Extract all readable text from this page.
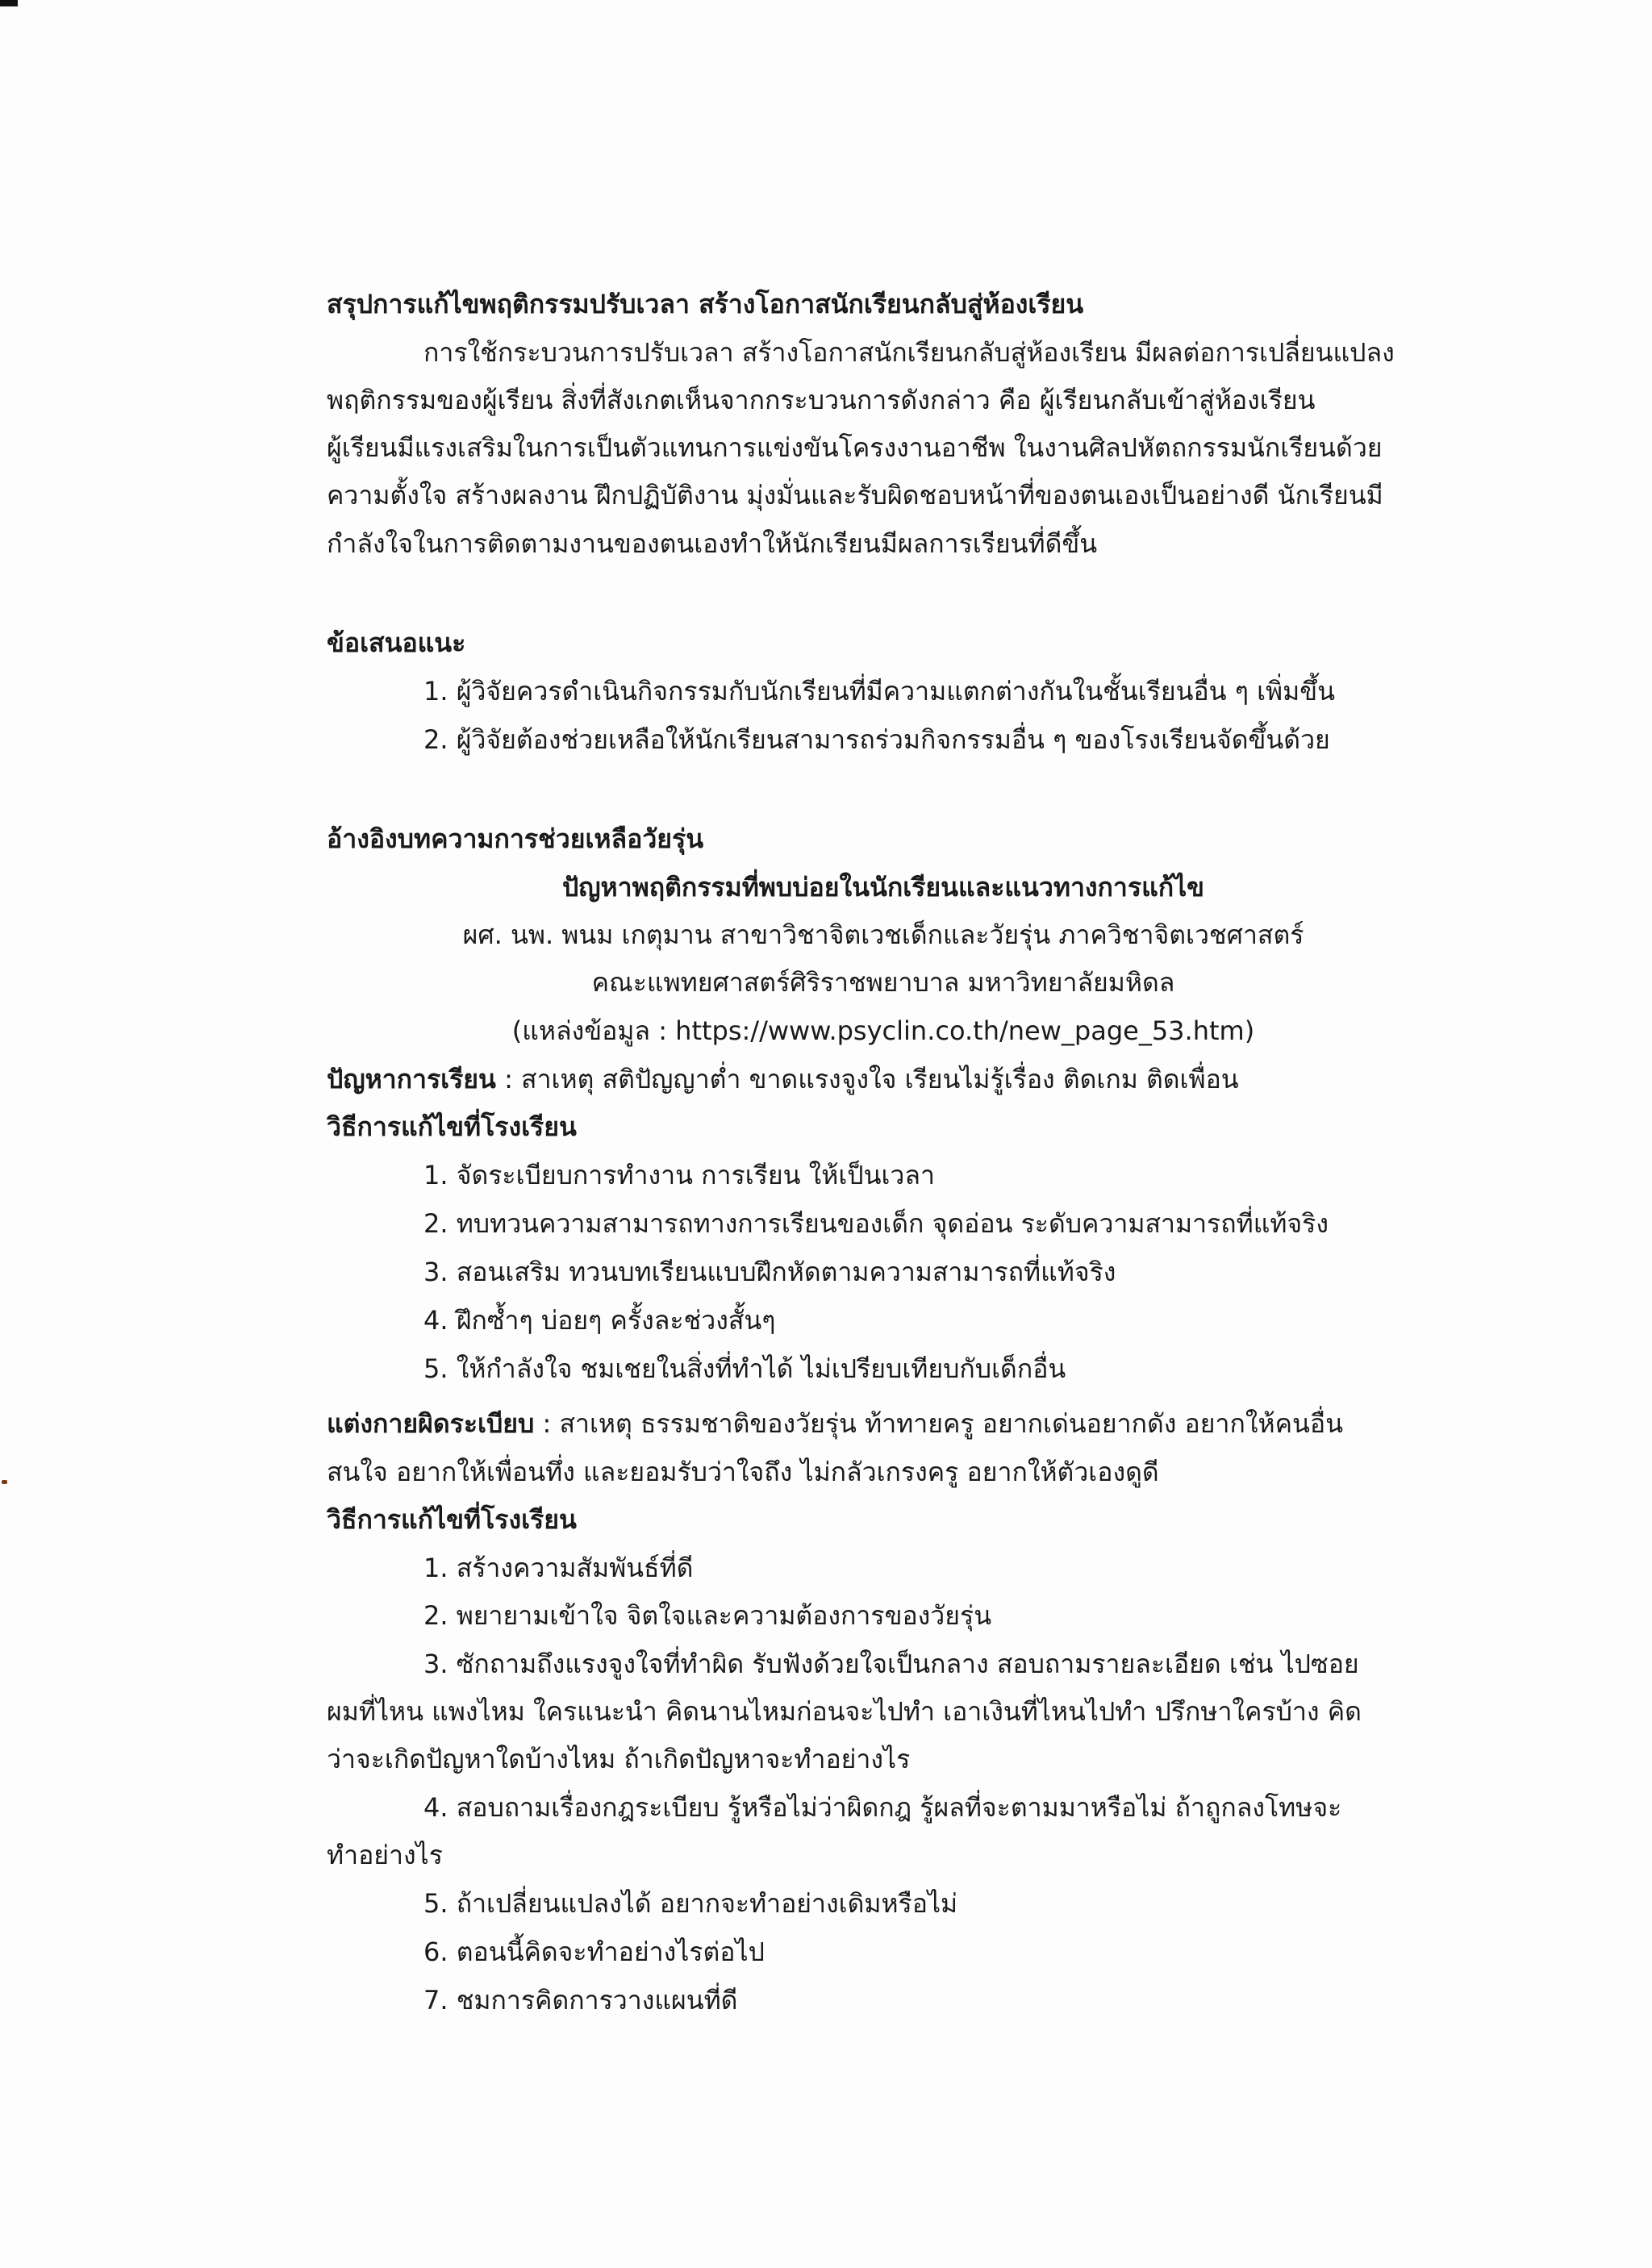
สรุปการแก้ไขพฤติกรรมปรับเวลา สร้างโอกาสนักเรียนกลับสู่ห้องเรียน
การใช้กระบวนการปรับเวลา สร้างโอกาสนักเรียนกลับสู่ห้องเรียน มีผลต่อการเปลี่ยนแปลง
พฤติกรรมของผู้เรียน สิ่งที่สังเกตเห็นจากกระบวนการดังกล่าว คือ ผู้เรียนกลับเข้าสู่ห้องเรียน
ผู้เรียนมีแรงเสริมในการเป็นตัวแทนการแข่งขันโครงงานอาชีพ ในงานศิลปหัตถกรรมนักเรียนด้วย
ความตั้งใจ สร้างผลงาน ฝึกปฏิบัติงาน มุ่งมั่นและรับผิดชอบหน้าที่ของตนเองเป็นอย่างดี นักเรียนมี
กำลังใจในการติดตามงานของตนเองทำให้นักเรียนมีผลการเรียนที่ดีขึ้น
ข้อเสนอแนะ
1. ผู้วิจัยควรดำเนินกิจกรรมกับนักเรียนที่มีความแตกต่างกันในชั้นเรียนอื่น ๆ เพิ่มขึ้น
2. ผู้วิจัยต้องช่วยเหลือให้นักเรียนสามารถร่วมกิจกรรมอื่น ๆ ของโรงเรียนจัดขึ้นด้วย
อ้างอิงบทความการช่วยเหลือวัยรุ่น
ปัญหาพฤติกรรมที่พบบ่อยในนักเรียนและแนวทางการแก้ไข
ผศ. นพ. พนม เกตุมาน สาขาวิชาจิตเวชเด็กและวัยรุ่น ภาควิชาจิตเวชศาสตร์
คณะแพทยศาสตร์ศิริราชพยาบาล มหาวิทยาลัยมหิดล
(แหล่งข้อมูล : https://www.psyclin.co.th/new_page_53.htm)
ปัญหาการเรียน : สาเหตุ สติปัญญาต่ำ ขาดแรงจูงใจ เรียนไม่รู้เรื่อง ติดเกม ติดเพื่อน
วิธีการแก้ไขที่โรงเรียน
1. จัดระเบียบการทำงาน การเรียน ให้เป็นเวลา
2. ทบทวนความสามารถทางการเรียนของเด็ก จุดอ่อน ระดับความสามารถที่แท้จริง
3. สอนเสริม ทวนบทเรียนแบบฝึกหัดตามความสามารถที่แท้จริง
4. ฝึกซ้ำๆ บ่อยๆ ครั้งละช่วงสั้นๆ
5. ให้กำลังใจ ชมเชยในสิ่งที่ทำได้ ไม่เปรียบเทียบกับเด็กอื่น
แต่งกายผิดระเบียบ : สาเหตุ ธรรมชาติของวัยรุ่น ท้าทายครู อยากเด่นอยากดัง อยากให้คนอื่น
สนใจ อยากให้เพื่อนทึ่ง และยอมรับว่าใจถึง ไม่กลัวเกรงครู อยากให้ตัวเองดูดี
วิธีการแก้ไขที่โรงเรียน
1. สร้างความสัมพันธ์ที่ดี
2. พยายามเข้าใจ จิตใจและความต้องการของวัยรุ่น
3. ซักถามถึงแรงจูงใจที่ทำผิด รับฟังด้วยใจเป็นกลาง สอบถามรายละเอียด เช่น ไปซอย
ผมที่ไหน แพงไหม ใครแนะนำ คิดนานไหมก่อนจะไปทำ เอาเงินที่ไหนไปทำ ปรึกษาใครบ้าง คิด
ว่าจะเกิดปัญหาใดบ้างไหม ถ้าเกิดปัญหาจะทำอย่างไร
4. สอบถามเรื่องกฎระเบียบ รู้หรือไม่ว่าผิดกฎ รู้ผลที่จะตามมาหรือไม่ ถ้าถูกลงโทษจะ
ทำอย่างไร
5. ถ้าเปลี่ยนแปลงได้ อยากจะทำอย่างเดิมหรือไม่
6. ตอนนี้คิดจะทำอย่างไรต่อไป
7. ชมการคิดการวางแผนที่ดี
